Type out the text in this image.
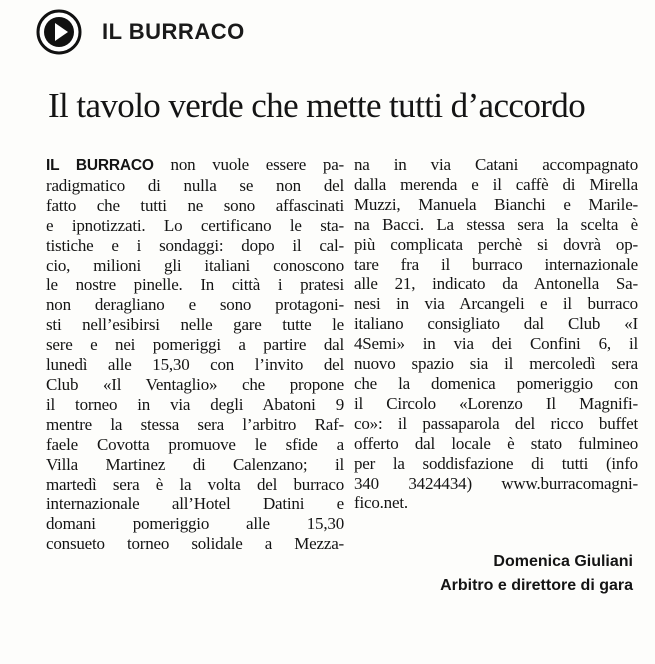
IL BURRACO
Il tavolo verde che mette tutti d’accordo
IL BURRACO non vuole essere pa-
radigmatico di nulla se non del
fatto che tutti ne sono affascinati
e ipnotizzati. Lo certificano le sta-
tistiche e i sondaggi: dopo il cal-
cio, milioni gli italiani conoscono
le nostre pinelle. In città i pratesi
non deragliano e sono protagoni-
sti nell’esibirsi nelle gare tutte le
sere e nei pomeriggi a partire dal
lunedì alle 15,30 con l’invito del
Club «Il Ventaglio» che propone
il torneo in via degli Abatoni 9
mentre la stessa sera l’arbitro Raf-
faele Covotta promuove le sfide a
Villa Martinez di Calenzano; il
martedì sera è la volta del burraco
internazionale all’Hotel Datini e
domani pomeriggio alle 15,30
consueto torneo solidale a Mezza-
na in via Catani accompagnato
dalla merenda e il caffè di Mirella
Muzzi, Manuela Bianchi e Marile-
na Bacci. La stessa sera la scelta è
più complicata perchè si dovrà op-
tare fra il burraco internazionale
alle 21, indicato da Antonella Sa-
nesi in via Arcangeli e il burraco
italiano consigliato dal Club «I
4Semi» in via dei Confini 6, il
nuovo spazio sia il mercoledì sera
che la domenica pomeriggio con
il Circolo «Lorenzo Il Magnifi-
co»: il passaparola del ricco buffet
offerto dal locale è stato fulmineo
per la soddisfazione di tutti (info
340 3424434) www.burracomagni-
fico.net.
Domenica Giuliani
Arbitro e direttore di gara
